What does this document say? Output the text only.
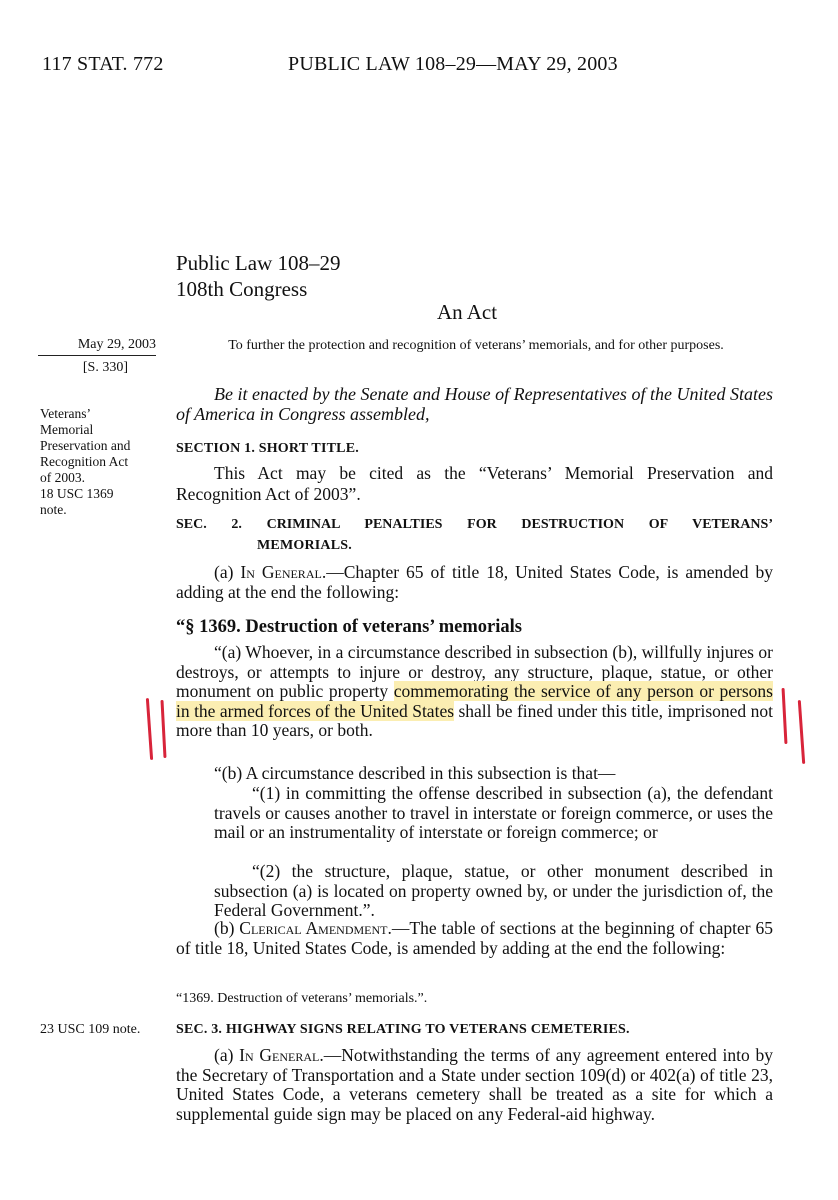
117 STAT. 772	PUBLIC LAW 108–29—MAY 29, 2003
Public Law 108–29
108th Congress
An Act
May 29, 2003
[S. 330]
To further the protection and recognition of veterans’ memorials, and for other purposes.
Be it enacted by the Senate and House of Representatives of the United States of America in Congress assembled,
Veterans’
Memorial
Preservation and
Recognition Act
of 2003.
18 USC 1369
note.
SECTION 1. SHORT TITLE.
This Act may be cited as the “Veterans’ Memorial Preservation and Recognition Act of 2003”.
SEC. 2. CRIMINAL PENALTIES FOR DESTRUCTION OF VETERANS’
MEMORIALS.
(a) In General.—Chapter 65 of title 18, United States Code, is amended by adding at the end the following:
“§ 1369. Destruction of veterans’ memorials
“(a) Whoever, in a circumstance described in subsection (b), willfully injures or destroys, or attempts to injure or destroy, any structure, plaque, statue, or other monument on public property commemorating the service of any person or persons in the armed forces of the United States shall be fined under this title, imprisoned not more than 10 years, or both.
“(b) A circumstance described in this subsection is that—
“(1) in committing the offense described in subsection (a), the defendant travels or causes another to travel in interstate or foreign commerce, or uses the mail or an instrumentality of interstate or foreign commerce; or
“(2) the structure, plaque, statue, or other monument described in subsection (a) is located on property owned by, or under the jurisdiction of, the Federal Government.”.
(b) Clerical Amendment.—The table of sections at the beginning of chapter 65 of title 18, United States Code, is amended by adding at the end the following:
“1369. Destruction of veterans’ memorials.”.
23 USC 109 note.	SEC. 3. HIGHWAY SIGNS RELATING TO VETERANS CEMETERIES.
(a) In General.—Notwithstanding the terms of any agreement entered into by the Secretary of Transportation and a State under section 109(d) or 402(a) of title 23, United States Code, a veterans cemetery shall be treated as a site for which a supplemental guide sign may be placed on any Federal-aid highway.
